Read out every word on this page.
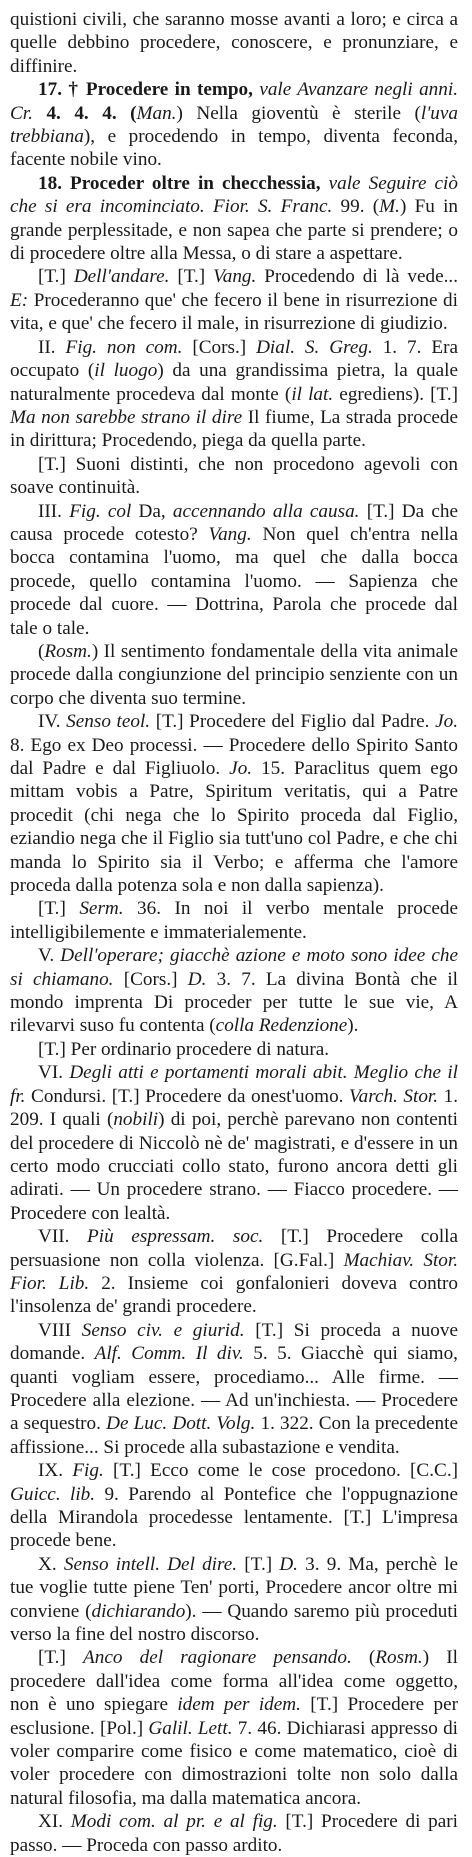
quistioni civili, che saranno mosse avanti a loro; e circa a quelle debbino procedere, conoscere, e pronunziare, e diffinire.

17. † Procedere in tempo, vale Avanzare negli anni. Cr. 4. 4. 4. (Man.) Nella gioventù è sterile (l'uva trebbiana), e procedendo in tempo, diventa feconda, facente nobile vino.

18. Proceder oltre in checchessia, vale Seguire ciò che si era incominciato. Fior. S. Franc. 99. (M.) Fu in grande perplessitade, e non sapea che parte si prendere; o di procedere oltre alla Messa, o di stare a aspettare.

[T.] Dell'andare. [T.] Vang. Procedendo di là vede... E: Procederanno que' che fecero il bene in risurrezione di vita, e que' che fecero il male, in risurrezione di giudizio.

II. Fig. non com. [Cors.] Dial. S. Greg. 1. 7. Era occupato (il luogo) da una grandissima pietra, la quale naturalmente procedeva dal monte (il lat. egrediens). [T.] Ma non sarebbe strano il dire Il fiume, La strada procede in dirittura; Procedendo, piega da quella parte.

[T.] Suoni distinti, che non procedono agevoli con soave continuità.

III. Fig. col Da, accennando alla causa. [T.] Da che causa procede cotesto? Vang. Non quel ch'entra nella bocca contamina l'uomo, ma quel che dalla bocca procede, quello contamina l'uomo. — Sapienza che procede dal cuore. — Dottrina, Parola che procede dal tale o tale.

(Rosm.) Il sentimento fondamentale della vita animale procede dalla congiunzione del principio senziente con un corpo che diventa suo termine.

IV. Senso teol. [T.] Procedere del Figlio dal Padre. Jo. 8. Ego ex Deo processi. — Procedere dello Spirito Santo dal Padre e dal Figliuolo. Jo. 15. Paraclitus quem ego mittam vobis a Patre, Spiritum veritatis, qui a Patre procedit (chi nega che lo Spirito proceda dal Figlio, eziandio nega che il Figlio sia tutt'uno col Padre, e che chi manda lo Spirito sia il Verbo; e afferma che l'amore proceda dalla potenza sola e non dalla sapienza).

[T.] Serm. 36. In noi il verbo mentale procede intelligibilemente e immaterialemente.

V. Dell'operare; giacchè azione e moto sono idee che si chiamano. [Cors.] D. 3. 7. La divina Bontà che il mondo imprenta Di proceder per tutte le sue vie, A rilevarvi suso fu contenta (colla Redenzione).

[T.] Per ordinario procedere di natura.

VI. Degli atti e portamenti morali abit. Meglio che il fr. Condursi. [T.] Procedere da onest'uomo. Varch. Stor. 1. 209. I quali (nobili) di poi, perchè parevano non contenti del procedere di Niccolò nè de' magistrati, e d'essere in un certo modo crucciati collo stato, furono ancora detti gli adirati. — Un procedere strano. — Fiacco procedere. — Procedere con lealtà.

VII. Più espressam. soc. [T.] Procedere colla persuasione non colla violenza. [G.Fal.] Machiav. Stor. Fior. Lib. 2. Insieme coi gonfalonieri doveva contro l'insolenza de' grandi procedere.

VIII Senso civ. e giurid. [T.] Si proceda a nuove domande. Alf. Comm. Il div. 5. 5. Giacchè qui siamo, quanti vogliam essere, procediamo... Alle firme. — Procedere alla elezione. — Ad un'inchiesta. — Procedere a sequestro. De Luc. Dott. Volg. 1. 322. Con la precedente affissione... Si procede alla subastazione e vendita.

IX. Fig. [T.] Ecco come le cose procedono. [C.C.] Guicc. lib. 9. Parendo al Pontefice che l'oppugnazione della Mirandola procedesse lentamente. [T.] L'impresa procede bene.

X. Senso intell. Del dire. [T.] D. 3. 9. Ma, perchè le tue voglie tutte piene Ten' porti, Procedere ancor oltre mi conviene (dichiarando). — Quando saremo più proceduti verso la fine del nostro discorso.

[T.] Anco del ragionare pensando. (Rosm.) Il procedere dall'idea come forma all'idea come oggetto, non è uno spiegare idem per idem. [T.] Procedere per esclusione. [Pol.] Galil. Lett. 7. 46. Dichiarasi appresso di voler comparire come fisico e come matematico, cioè di voler procedere con dimostrazioni tolte non solo dalla natural filosofia, ma dalla matematica ancora.

XI. Modi com. al pr. e al fig. [T.] Procedere di pari passo. — Proceda con passo ardito.
